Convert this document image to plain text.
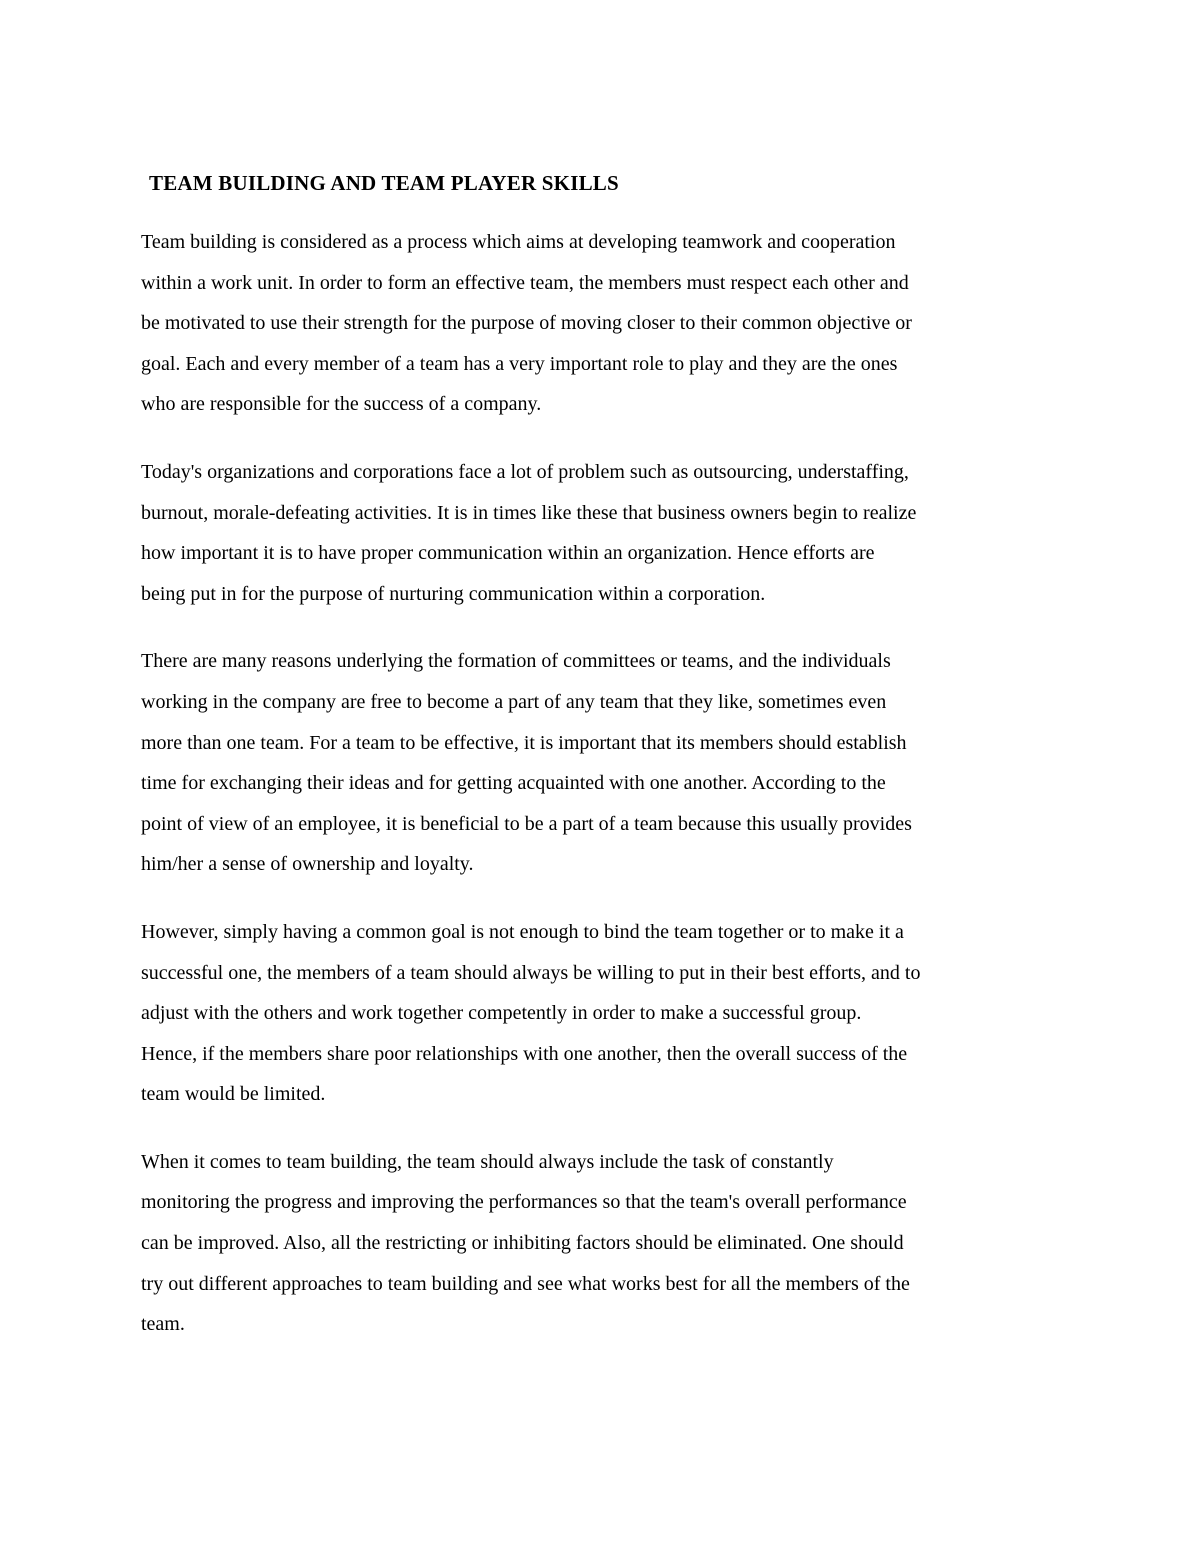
TEAM BUILDING AND TEAM PLAYER SKILLS

Team building is considered as a process which aims at developing teamwork and cooperation
within a work unit. In order to form an effective team, the members must respect each other and
be motivated to use their strength for the purpose of moving closer to their common objective or
goal. Each and every member of a team has a very important role to play and they are the ones
who are responsible for the success of a company.

Today's organizations and corporations face a lot of problem such as outsourcing, understaffing,
burnout, morale-defeating activities. It is in times like these that business owners begin to realize
how important it is to have proper communication within an organization. Hence efforts are
being put in for the purpose of nurturing communication within a corporation.

There are many reasons underlying the formation of committees or teams, and the individuals
working in the company are free to become a part of any team that they like, sometimes even
more than one team. For a team to be effective, it is important that its members should establish
time for exchanging their ideas and for getting acquainted with one another. According to the
point of view of an employee, it is beneficial to be a part of a team because this usually provides
him/her a sense of ownership and loyalty.

However, simply having a common goal is not enough to bind the team together or to make it a
successful one, the members of a team should always be willing to put in their best efforts, and to
adjust with the others and work together competently in order to make a successful group.
Hence, if the members share poor relationships with one another, then the overall success of the
team would be limited.

When it comes to team building, the team should always include the task of constantly
monitoring the progress and improving the performances so that the team's overall performance
can be improved. Also, all the restricting or inhibiting factors should be eliminated. One should
try out different approaches to team building and see what works best for all the members of the
team.
